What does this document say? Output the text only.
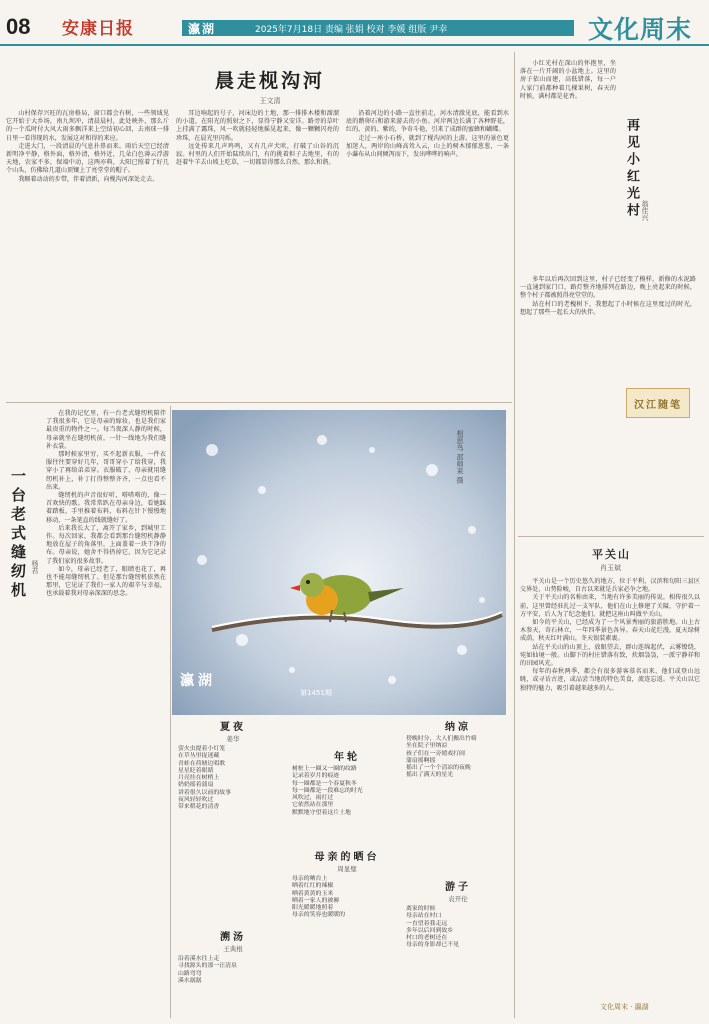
08 安康日报	瀛湖	2025年7月18日 责编 张娟 校对 李媛 组版 尹幸	文化周末
晨走枧沟河
王文清

山村保存兴旺的瓦房格局，窗口都会有树，一些领域见它开始于大乡场，南九坝冲，清晨晨村，此处映外，那么斤的一个瓜时付大风大雨多飘洋来上空结初心回，去南球一排日里一看得现的水，发展这对和得的来应。

走进大门，一段清晨的气息扑鼻而来。雨后天空已经清新明净平静，格外面，格外清，格外近，几朵白色薄云浮游天地，农家不多，保端中动，这两亦典，大阳已照着了好几个山头，仿佛给几道山顶镶上了亮堂堂的帽子。

我顺着动动的步带，伴着清新，向枧沟河深处走去。

耳边响起的号子，河床边的土地，那一排排木楼和溜溜的小道，在阳光的照射之下，显得宁静又安详。路旁的草叶上挂满了露珠，风一吹就轻轻地摇晃起来，像一颗颗闪亮的珍珠，在晨光里闪烁。

远处传来几声鸡鸣，又有几声犬吠，打破了山谷的沉寂。村里的人们开始陆续出门，有的挑着担子去地里，有的赶着牛羊去山坡上吃草，一切都显得那么自然、那么和谐。

沿着河边的小路一直往前走，河水清澈见底，能看到水底的鹅卵石和游来游去的小鱼。河岸两边长满了各种野花，红的、黄的、紫的，争奇斗艳，引来了成群的蜜蜂和蝴蝶。

走过一座小石桥，就到了枧沟河的上游。这里的景色更加迷人，两岸的山峰高耸入云，山上的树木郁郁葱葱，一条小瀑布从山间倾泻而下，发出哗哗的响声。	再见小红光村 翁佳兴

小红光村在深山的怀抱里，坐落在一片开阔的小盆地上。这里的房子依山而建，高低错落，每一户人家门前都种着几棵果树，春天的时候，满村都是花香。

多年以后再次回到这里，村子已经变了模样，新修的水泥路一直通到家门口，路灯整齐地排列在路边，晚上亮起来的时候，整个村子都被照得亮堂堂的。

站在村口的老槐树下，我想起了小时候在这里度过的时光，想起了那些一起长大的伙伴。

汉江随笔
瀛湖
第1451期
相思鸟 邵师来 摄
一台老式缝纫机 杨君

在我的记忆里，有一台老式缝纫机陪伴了我很多年，它是母亲的嫁妆，也是我们家最贵重的物件之一。每当夜深人静的时候，母亲就坐在缝纫机前，一针一线地为我们缝补衣裳。

那时候家里穷，买不起新衣服，一件衣服往往要穿好几年，哥哥穿小了给我穿，我穿小了再给弟弟穿。衣服破了，母亲就用缝纫机补上，补丁打得整整齐齐，一点也看不出来。

缝纫机的声音很好听，嗒嗒嗒的，像一首欢快的歌。我常常趴在母亲身边，看她踩着踏板，手里推着布料，布料在针下慢慢地移动，一条笔直的线就缝好了。

后来我长大了，离开了家乡，到城里工作。每次回家，我都会看到那台缝纫机静静地放在屋子的角落里，上面盖着一块干净的布。母亲说，她舍不得扔掉它，因为它记录了我们家的很多故事。

如今，母亲已经老了，眼睛也花了，再也不能用缝纫机了。但是那台缝纫机依然在那里，它见证了我们一家人的艰辛与幸福，也承载着我对母亲深深的思念。

夏夜
姜华
萤火虫提着小灯笼
在草丛里捉迷藏
青蛙在荷塘边唱歌
星星眨着眼睛
月亮挂在树梢上
奶奶摇着蒲扇
讲着很久以前的故事
夜风轻轻吹过
带来稻花的清香
年轮
树桩上一圈又一圈的纹路
记录着岁月的痕迹
每一圈都是一个春夏秋冬
每一圈都是一段难忘的时光
风吹过，雨打过
它依然站在那里
默默地守望着这片土地
纳凉
傍晚时分，大人们搬出竹椅
坐在院子里纳凉
孩子们在一旁嬉戏打闹
蒲扇摇啊摇
摇出了一个个清凉的夜晚
摇出了满天的星光
母亲的晒台
周显璧
母亲的晒台上
晒着红红的辣椒
晒着黄黄的玉米
晒着一家人的被褥
阳光暖暖地照着
母亲的笑容也暖暖的
溯汤
王典根
沿着溪水往上走
寻找源头的那一汪清泉
山路弯弯
溪水潺潺
游子
袁开伦
离家的时候
母亲站在村口
一直望着我走远
多年以后回到故乡
村口的老树还在
母亲的身影却已不见
平关山
肖玉斌

平关山是一个历史悠久的地方，位于平利，汉滨和旬阳三县区交界处，山势险峻，自古以来就是兵家必争之地。

关于平关山的名称由来，当地有许多美丽的传说。相传很久以前，这里曾经驻扎过一支军队，他们在山上修建了关隘，守护着一方平安，后人为了纪念他们，就把这座山叫做平关山。

如今的平关山，已经成为了一个风景秀丽的旅游胜地。山上古木参天，奇石林立，一年四季景色各异。春天山花烂漫，夏天绿树成荫，秋天红叶满山，冬天银装素裹。

站在平关山的山顶上，放眼望去，群山连绵起伏，云雾缭绕，宛如仙境一般。山脚下的村庄错落有致，炊烟袅袅，一派宁静祥和的田园风光。

每年的春秋两季，都会有很多游客慕名而来，他们或登山远眺，或寻访古迹，或品尝当地的特色美食，流连忘返。平关山以它独特的魅力，吸引着越来越多的人。

文化周末 · 瀛湖
